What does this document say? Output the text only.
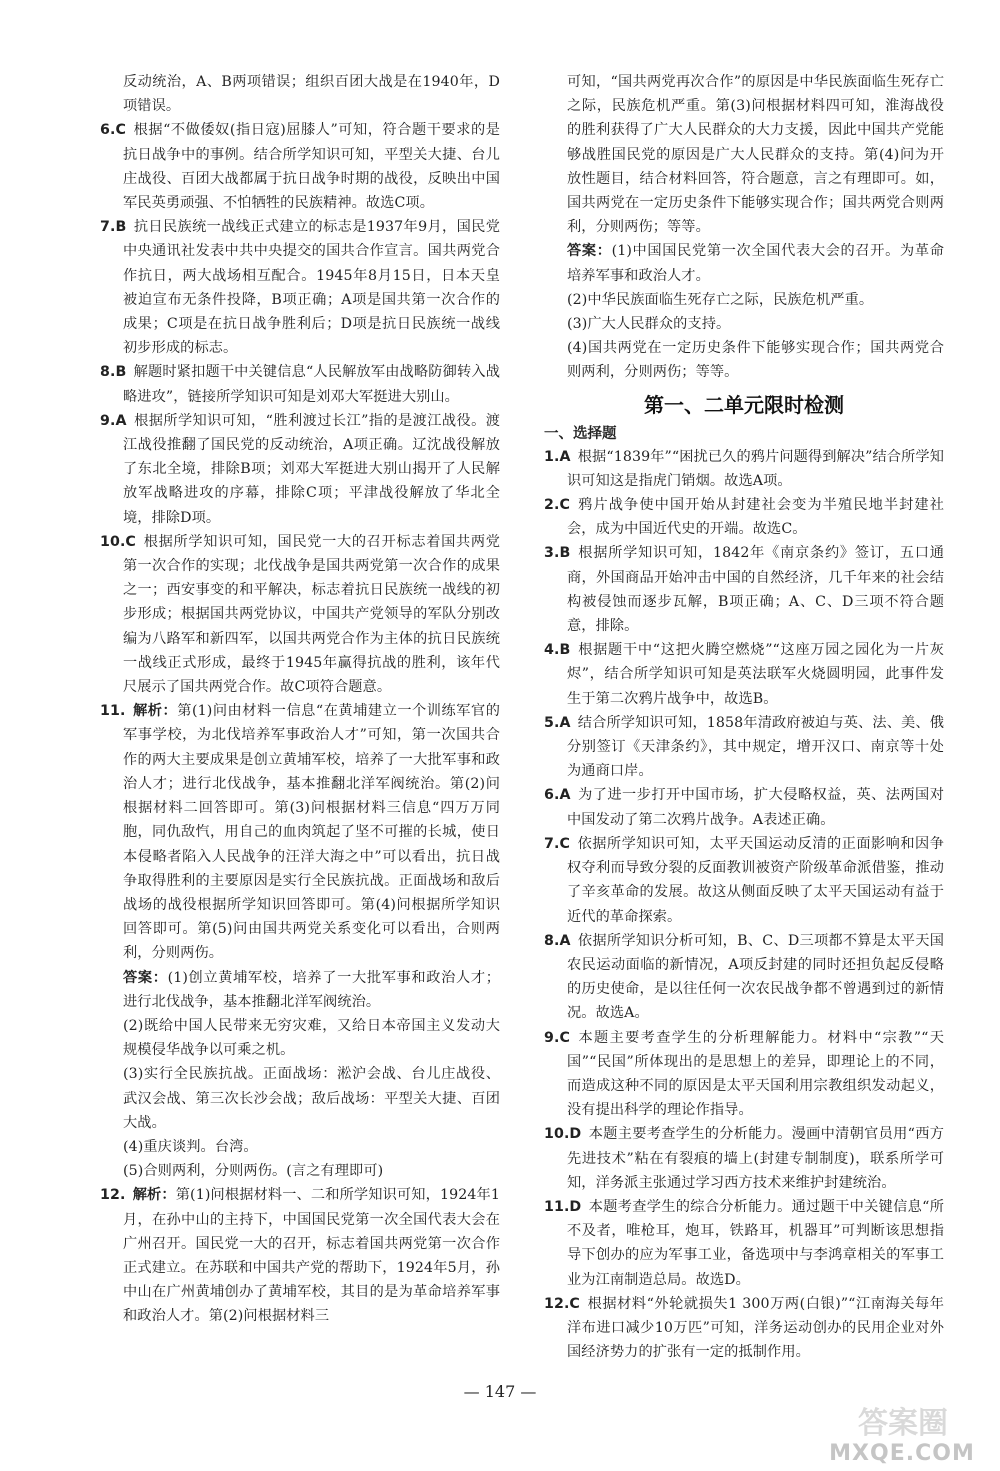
反动统治，A、B两项错误；组织百团大战是在1940年，D项错误。

6.C  根据“不做倭奴(指日寇)屈膝人”可知，符合题干要求的是抗日战争中的事例。结合所学知识可知，平型关大捷、台儿庄战役、百团大战都属于抗日战争时期的战役，反映出中国军民英勇顽强、不怕牺牲的民族精神。故选C项。

7.B  抗日民族统一战线正式建立的标志是1937年9月，国民党中央通讯社发表中共中央提交的国共合作宣言。国共两党合作抗日，两大战场相互配合。1945年8月15日，日本天皇被迫宣布无条件投降，B项正确；A项是国共第一次合作的成果；C项是在抗日战争胜利后；D项是抗日民族统一战线初步形成的标志。

8.B  解题时紧扣题干中关键信息“人民解放军由战略防御转入战略进攻”，链接所学知识可知是刘邓大军挺进大别山。

9.A  根据所学知识可知，“胜利渡过长江”指的是渡江战役。渡江战役推翻了国民党的反动统治，A项正确。辽沈战役解放了东北全境，排除B项；刘邓大军挺进大别山揭开了人民解放军战略进攻的序幕，排除C项；平津战役解放了华北全境，排除D项。

10.C  根据所学知识可知，国民党一大的召开标志着国共两党第一次合作的实现；北伐战争是国共两党第一次合作的成果之一；西安事变的和平解决，标志着抗日民族统一战线的初步形成；根据国共两党协议，中国共产党领导的军队分别改编为八路军和新四军，以国共两党合作为主体的抗日民族统一战线正式形成，最终于1945年赢得抗战的胜利，该年代尺展示了国共两党合作。故C项符合题意。

11.  解析：第(1)问由材料一信息“在黄埔建立一个训练军官的军事学校，为北伐培养军事政治人才”可知，第一次国共合作的两大主要成果是创立黄埔军校，培养了一大批军事和政治人才；进行北伐战争，基本推翻北洋军阀统治。第(2)问根据材料二回答即可。第(3)问根据材料三信息“四万万同胞，同仇敌忾，用自己的血肉筑起了坚不可摧的长城，使日本侵略者陷入人民战争的汪洋大海之中”可以看出，抗日战争取得胜利的主要原因是实行全民族抗战。正面战场和敌后战场的战役根据所学知识回答即可。第(4)问根据所学知识回答即可。第(5)问由国共两党关系变化可以看出，合则两利，分则两伤。

答案：(1)创立黄埔军校，培养了一大批军事和政治人才；进行北伐战争，基本推翻北洋军阀统治。

(2)既给中国人民带来无穷灾难，又给日本帝国主义发动大规模侵华战争以可乘之机。

(3)实行全民族抗战。正面战场：淞沪会战、台儿庄战役、武汉会战、第三次长沙会战；敌后战场：平型关大捷、百团大战。

(4)重庆谈判。台湾。

(5)合则两利，分则两伤。(言之有理即可)

12.  解析：第(1)问根据材料一、二和所学知识可知，1924年1月，在孙中山的主持下，中国国民党第一次全国代表大会在广州召开。国民党一大的召开，标志着国共两党第一次合作正式建立。在苏联和中国共产党的帮助下，1924年5月，孙中山在广州黄埔创办了黄埔军校，其目的是为革命培养军事和政治人才。第(2)问根据材料三

可知，“国共两党再次合作”的原因是中华民族面临生死存亡之际，民族危机严重。第(3)问根据材料四可知，淮海战役的胜利获得了广大人民群众的大力支援，因此中国共产党能够战胜国民党的原因是广大人民群众的支持。第(4)问为开放性题目，结合材料回答，符合题意，言之有理即可。如，国共两党在一定历史条件下能够实现合作；国共两党合则两利，分则两伤；等等。

答案：(1)中国国民党第一次全国代表大会的召开。为革命培养军事和政治人才。

(2)中华民族面临生死存亡之际，民族危机严重。

(3)广大人民群众的支持。

(4)国共两党在一定历史条件下能够实现合作；国共两党合则两利，分则两伤；等等。

第一、二单元限时检测
一、选择题

1.A  根据“1839年”“困扰已久的鸦片问题得到解决”结合所学知识可知这是指虎门销烟。故选A项。

2.C  鸦片战争使中国开始从封建社会变为半殖民地半封建社会，成为中国近代史的开端。故选C。

3.B  根据所学知识可知，1842年《南京条约》签订，五口通商，外国商品开始冲击中国的自然经济，几千年来的社会结构被侵蚀而逐步瓦解，B项正确；A、C、D三项不符合题意，排除。

4.B  根据题干中“这把火腾空燃烧”“这座万园之园化为一片灰烬”，结合所学知识可知是英法联军火烧圆明园，此事件发生于第二次鸦片战争中，故选B。

5.A  结合所学知识可知，1858年清政府被迫与英、法、美、俄分别签订《天津条约》，其中规定，增开汉口、南京等十处为通商口岸。

6.A  为了进一步打开中国市场，扩大侵略权益，英、法两国对中国发动了第二次鸦片战争。A表述正确。

7.C  依据所学知识可知，太平天国运动反清的正面影响和因争权夺利而导致分裂的反面教训被资产阶级革命派借鉴，推动了辛亥革命的发展。故这从侧面反映了太平天国运动有益于近代的革命探索。

8.A  依据所学知识分析可知，B、C、D三项都不算是太平天国农民运动面临的新情况，A项反封建的同时还担负起反侵略的历史使命，是以往任何一次农民战争都不曾遇到过的新情况。故选A。

9.C  本题主要考查学生的分析理解能力。材料中“宗教”“天国”“民国”所体现出的是思想上的差异，即理论上的不同，而造成这种不同的原因是太平天国利用宗教组织发动起义，没有提出科学的理论作指导。

10.D  本题主要考查学生的分析能力。漫画中清朝官员用“西方先进技术”粘在有裂痕的墙上(封建专制制度)，联系所学可知，洋务派主张通过学习西方技术来维护封建统治。

11.D  本题考查学生的综合分析能力。通过题干中关键信息“所不及者，唯枪耳，炮耳，铁路耳，机器耳”可判断该思想指导下创办的应为军事工业，备选项中与李鸿章相关的军事工业为江南制造总局。故选D。

12.C  根据材料“外轮就损失1 300万两(白银)”“江南海关每年洋布进口减少10万匹”可知，洋务运动创办的民用企业对外国经济势力的扩张有一定的抵制作用。

— 147 —
答案圈
MXQE.COM
